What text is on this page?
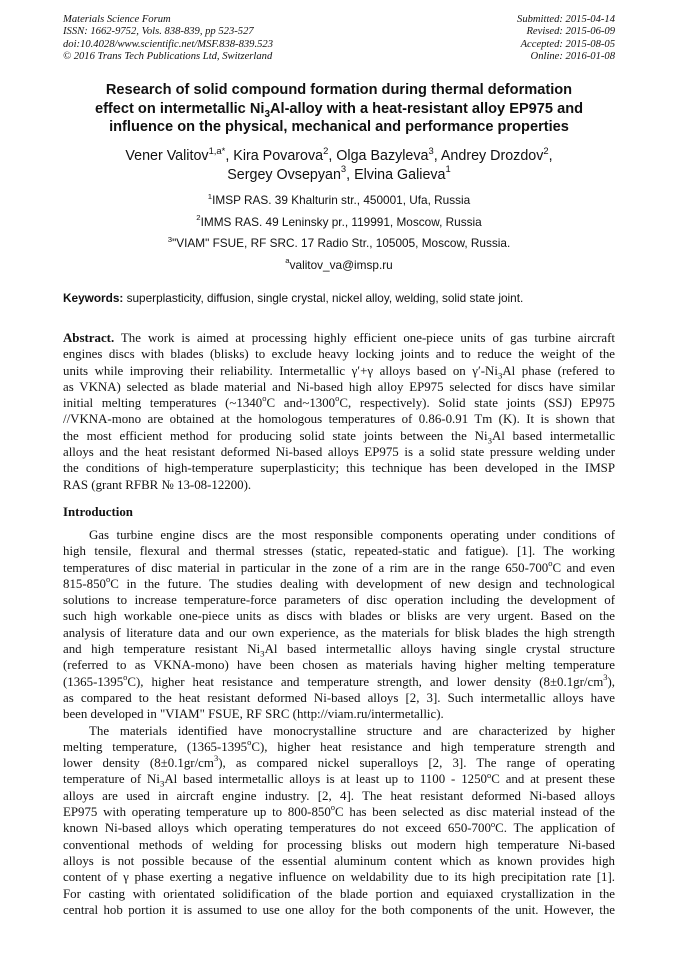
Materials Science Forum
ISSN: 1662-9752, Vols. 838-839, pp 523-527
doi:10.4028/www.scientific.net/MSF.838-839.523
© 2016 Trans Tech Publications Ltd, Switzerland
Submitted: 2015-04-14
Revised: 2015-06-09
Accepted: 2015-08-05
Online: 2016-01-08
Research of solid compound formation during thermal deformation
effect on intermetallic $Ni_3Al$-alloy with a heat-resistant alloy EP975 and
influence on the physical, mechanical and performance properties
Vener Valitov$^{1,a*}$, Kira Povarova$^2$, Olga Bazyleva$^3$, Andrey Drozdov$^2$,
Sergey Ovsepyan$^3$, Elvina Galieva$^1$
$^1$IMSP RAS. 39 Khalturin str., 450001, Ufa, Russia
$^2$IMMS RAS. 49 Leninsky pr., 119991, Moscow, Russia
$^3$"VIAM" FSUE, RF SRC. 17 Radio Str., 105005, Moscow, Russia.
$^a$valitov_va@imsp.ru
Keywords: superplasticity, diffusion, single crystal, nickel alloy, welding, solid state joint.
Abstract. The work is aimed at processing highly efficient one-piece units of gas turbine aircraft
engines discs with blades (blisks) to exclude heavy locking joints and to reduce the weight of the
units while improving their reliability. Intermetallic γ′+γ alloys based on $\gamma'-Ni_3Al$ phase (refered to
as VKNA) selected as blade material and Ni-based high alloy EP975 selected for discs have similar
initial melting temperatures (~1340$^o$C and~1300$^o$C, respectively). Solid state joints (SSJ) EP975
//VKNA-mono are obtained at the homologous temperatures of 0.86-0.91 Tm (K). It is shown that
the most efficient method for producing solid state joints between the $Ni_3Al$ based intermetallic
alloys and the heat resistant deformed Ni-based alloys EP975 is a solid state pressure welding under
the conditions of high-temperature superplasticity; this technique has been developed in the IMSP
RAS (grant RFBR № 13-08-12200).
Introduction
Gas turbine engine discs are the most responsible components operating under conditions of
high tensile, flexural and thermal stresses (static, repeated-static and fatigue). [1]. The working
temperatures of disc material in particular in the zone of a rim are in the range 650-700$^o$C and even
815-850$^o$C in the future. The studies dealing with development of new design and technological
solutions to increase temperature-force parameters of disc operation including the development of
such high workable one-piece units as discs with blades or blisks are very urgent. Based on the
analysis of literature data and our own experience, as the materials for blisk blades the high strength
and high temperature resistant $Ni_3Al$ based intermetallic alloys having single crystal structure
(referred to as VKNA-mono) have been chosen as materials having higher melting temperature
(1365-1395$^o$C), higher heat resistance and temperature strength, and lower density $(8\pm 0.1gr/cm^3)$,
as compared to the heat resistant deformed Ni-based alloys [2, 3]. Such intermetallic alloys have
been developed in "VIAM" FSUE, RF SRC (http://viam.ru/intermetallic).
The materials identified have monocrystalline structure and are characterized by higher
melting temperature, (1365-1395$^o$C), higher heat resistance and high temperature strength and
lower density $(8\pm 0.1gr/cm^3)$, as compared nickel superalloys [2, 3]. The range of operating
temperature of $Ni_3Al$ based intermetallic alloys is at least up to 1100 - 1250$^o$C and at present these
alloys are used in aircraft engine industry. [2, 4]. The heat resistant deformed Ni-based alloys
EP975 with operating temperature up to 800-850$^o$C has been selected as disc material instead of the
known Ni-based alloys which operating temperatures do not exceed 650-700$^o$C. The application of
conventional methods of welding for processing blisks out modern high temperature Ni-based
alloys is not possible because of the essential aluminum content which as known provides high
content of γ phase exerting a negative influence on weldability due to its high precipitation rate [1].
For casting with orientated solidification of the blade portion and equiaxed crystallization in the
central hob portion it is assumed to use one alloy for the both components of the unit. However, the
